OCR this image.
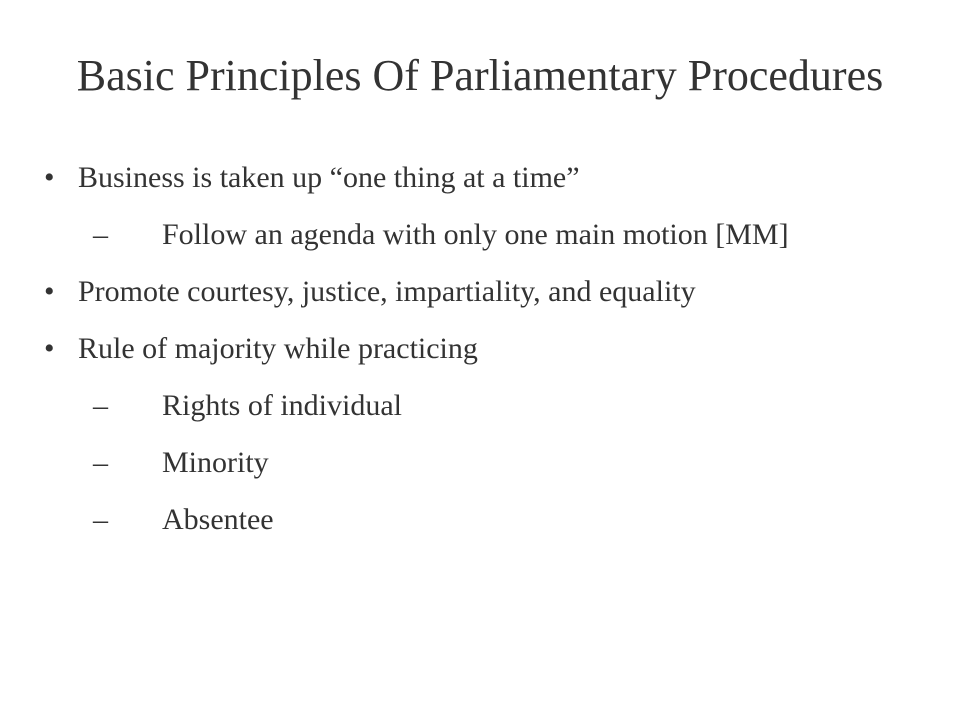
Basic Principles Of Parliamentary Procedures
• Business is taken up “one thing at a time”
– Follow an agenda with only one main motion [MM]
• Promote courtesy, justice, impartiality, and equality
• Rule of majority while practicing
– Rights of individual
– Minority
– Absentee
